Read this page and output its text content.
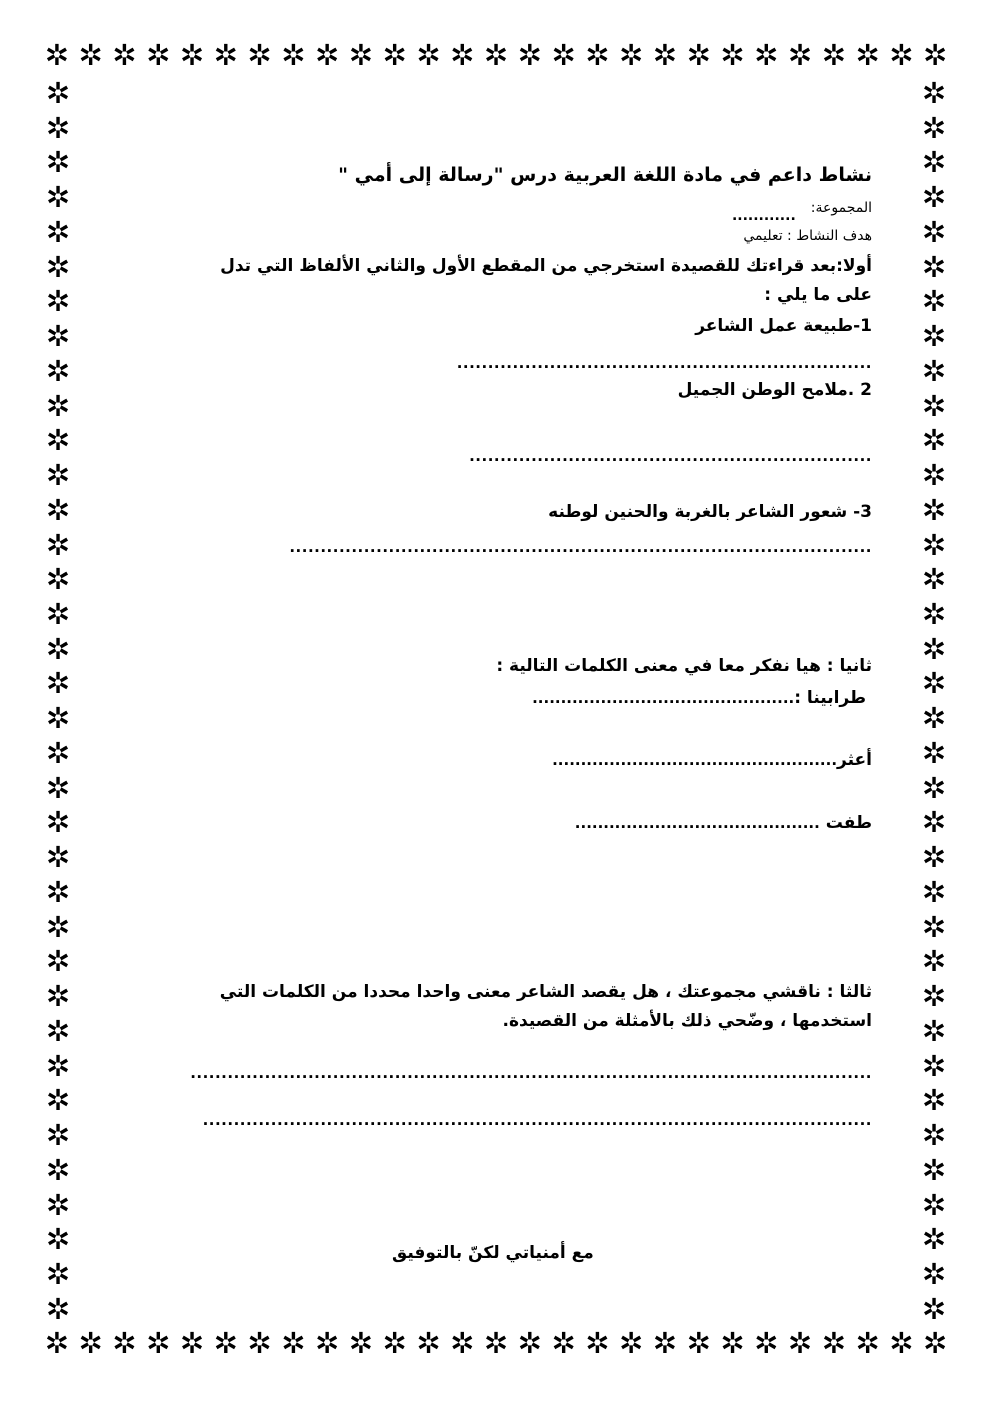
✲ ✲ ✲ ✲ ✲ ✲ ✲ ✲ ✲ ✲ ✲ ✲ ✲ ✲ ✲ ✲ ✲ ✲ ✲ ✲ ✲ ✲ ✲ ✲ ✲ ✲ ✲
✲ ✲ ✲ ✲ ✲ ✲ ✲ ✲ ✲ ✲ ✲ ✲ ✲ ✲ ✲ ✲ ✲ ✲ ✲ ✲ ✲ ✲ ✲ ✲ ✲ ✲ ✲
✲
✲
✲
✲
✲
✲
✲
✲
✲
✲
✲
✲
✲
✲
✲
✲
✲
✲
✲
✲
✲
✲
✲
✲
✲
✲
✲
✲
✲
✲
✲
✲
✲
✲
✲
✲
✲
✲
✲
✲
✲
✲
✲
✲
✲
✲
✲
✲
✲
✲
✲
✲
✲
✲
✲
✲
✲
✲
✲
✲
✲
✲
✲
✲
✲
✲
✲
✲
✲
✲
✲
✲
نشاط داعم في مادة اللغة العربية درس "رسالة إلى أمي "
المجموعة:
............
هدف النشاط : تعليمي
أولا:بعد قراءتك للقصيدة استخرجي من المقطع الأول والثاني الألفاظ التي تدل على ما يلي :
1-طبيعة عمل الشاعر
...................................................................
2 .ملامح الوطن الجميل
.................................................................
3- شعور الشاعر بالغربة والحنين لوطنه
..............................................................................................
ثانيا : هيا نفكر معا في معنى الكلمات التالية :
طرابينا :..............................................
أعثر..................................................
طفت ...........................................
ثالثا : ناقشي مجموعتك ، هل يقصد الشاعر معنى واحدا محددا من الكلمات التي استخدمها ، وضّحي ذلك بالأمثلة من القصيدة.
..............................................................................................................
............................................................................................................
مع أمنياتي لكنّ بالتوفيق
